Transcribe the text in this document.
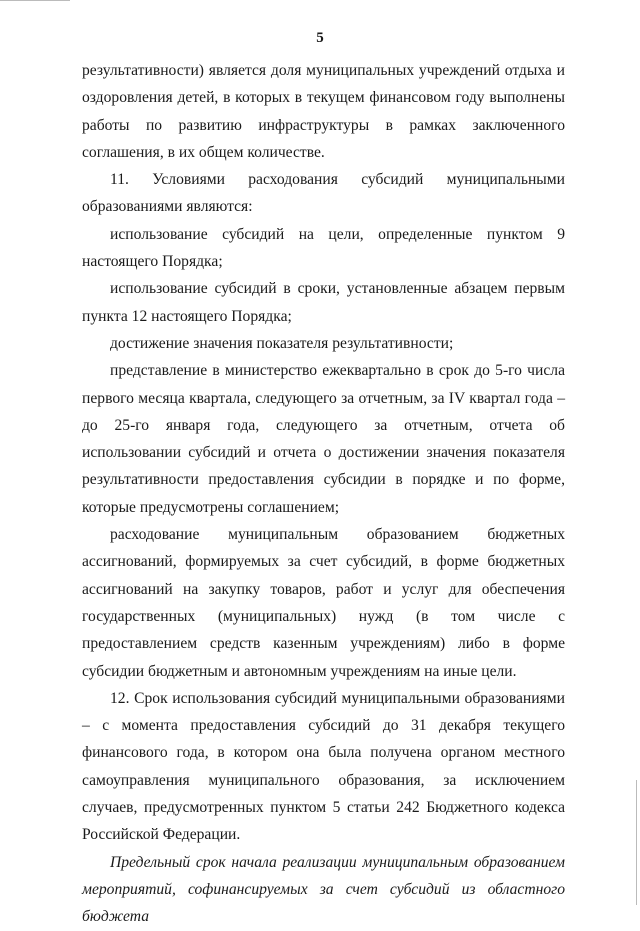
5

результативности) является доля муниципальных учреждений отдыха и оздоровления детей, в которых в текущем финансовом году выполнены работы по развитию инфраструктуры в рамках заключенного соглашения, в их общем количестве.

11. Условиями расходования субсидий муниципальными образованиями являются:

использование субсидий на цели, определенные пунктом 9 настоящего Порядка;

использование субсидий в сроки, установленные абзацем первым пункта 12 настоящего Порядка;

достижение значения показателя результативности;

представление в министерство ежеквартально в срок до 5-го числа первого месяца квартала, следующего за отчетным, за IV квартал года – до 25-го января года, следующего за отчетным, отчета об использовании субсидий и отчета о достижении значения показателя результативности предоставления субсидии в порядке и по форме, которые предусмотрены соглашением;

расходование муниципальным образованием бюджетных ассигнований, формируемых за счет субсидий, в форме бюджетных ассигнований на закупку товаров, работ и услуг для обеспечения государственных (муниципальных) нужд (в том числе с предоставлением средств казенным учреждениям) либо в форме субсидии бюджетным и автономным учреждениям на иные цели.

12. Срок использования субсидий муниципальными образованиями – с момента предоставления субсидий до 31 декабря текущего финансового года, в котором она была получена органом местного самоуправления муниципального образования, за исключением случаев, предусмотренных пунктом 5 статьи 242 Бюджетного кодекса Российской Федерации.

Предельный срок начала реализации муниципальным образованием мероприятий, софинансируемых за счет субсидий из областного бюджета
